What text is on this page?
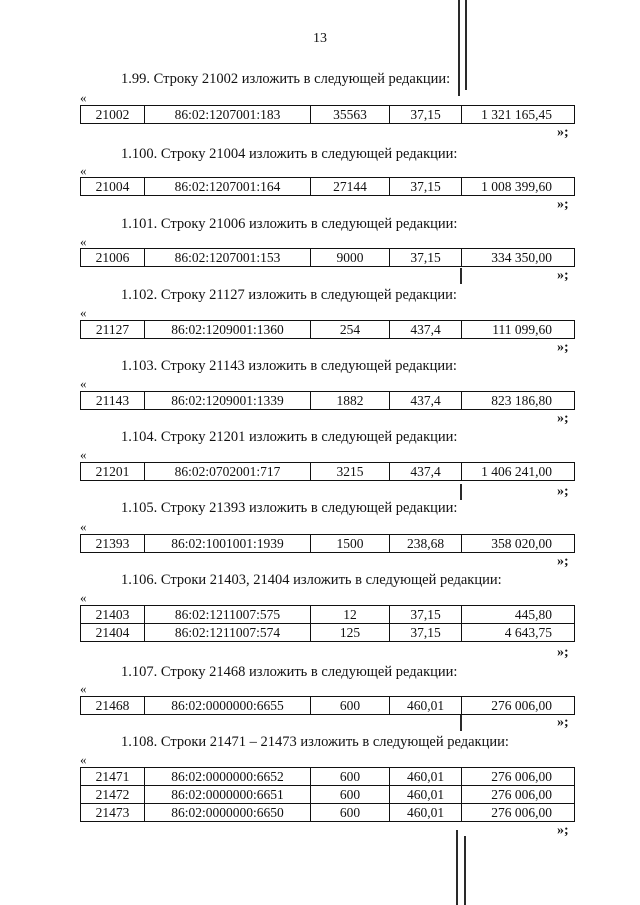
13
1.99. Строку 21002 изложить в следующей редакции:
«
21002	86:02:1207001:183	35563	37,15	1 321 165,45
»;
1.100. Строку 21004 изложить в следующей редакции:
«
21004	86:02:1207001:164	27144	37,15	1 008 399,60
»;
1.101. Строку 21006 изложить в следующей редакции:
«
21006	86:02:1207001:153	9000	37,15	334 350,00
»;
1.102. Строку 21127 изложить в следующей редакции:
«
21127	86:02:1209001:1360	254	437,4	111 099,60
»;
1.103. Строку 21143 изложить в следующей редакции:
«
21143	86:02:1209001:1339	1882	437,4	823 186,80
»;
1.104. Строку 21201 изложить в следующей редакции:
«
21201	86:02:0702001:717	3215	437,4	1 406 241,00
»;
1.105. Строку 21393 изложить в следующей редакции:
«
21393	86:02:1001001:1939	1500	238,68	358 020,00
»;
1.106. Строки 21403, 21404 изложить в следующей редакции:
«
21403	86:02:1211007:575	12	37,15	445,80
21404	86:02:1211007:574	125	37,15	4 643,75
»;
1.107. Строку 21468 изложить в следующей редакции:
«
21468	86:02:0000000:6655	600	460,01	276 006,00
»;
1.108. Строки 21471 – 21473 изложить в следующей редакции:
«
21471	86:02:0000000:6652	600	460,01	276 006,00
21472	86:02:0000000:6651	600	460,01	276 006,00
21473	86:02:0000000:6650	600	460,01	276 006,00
»;
